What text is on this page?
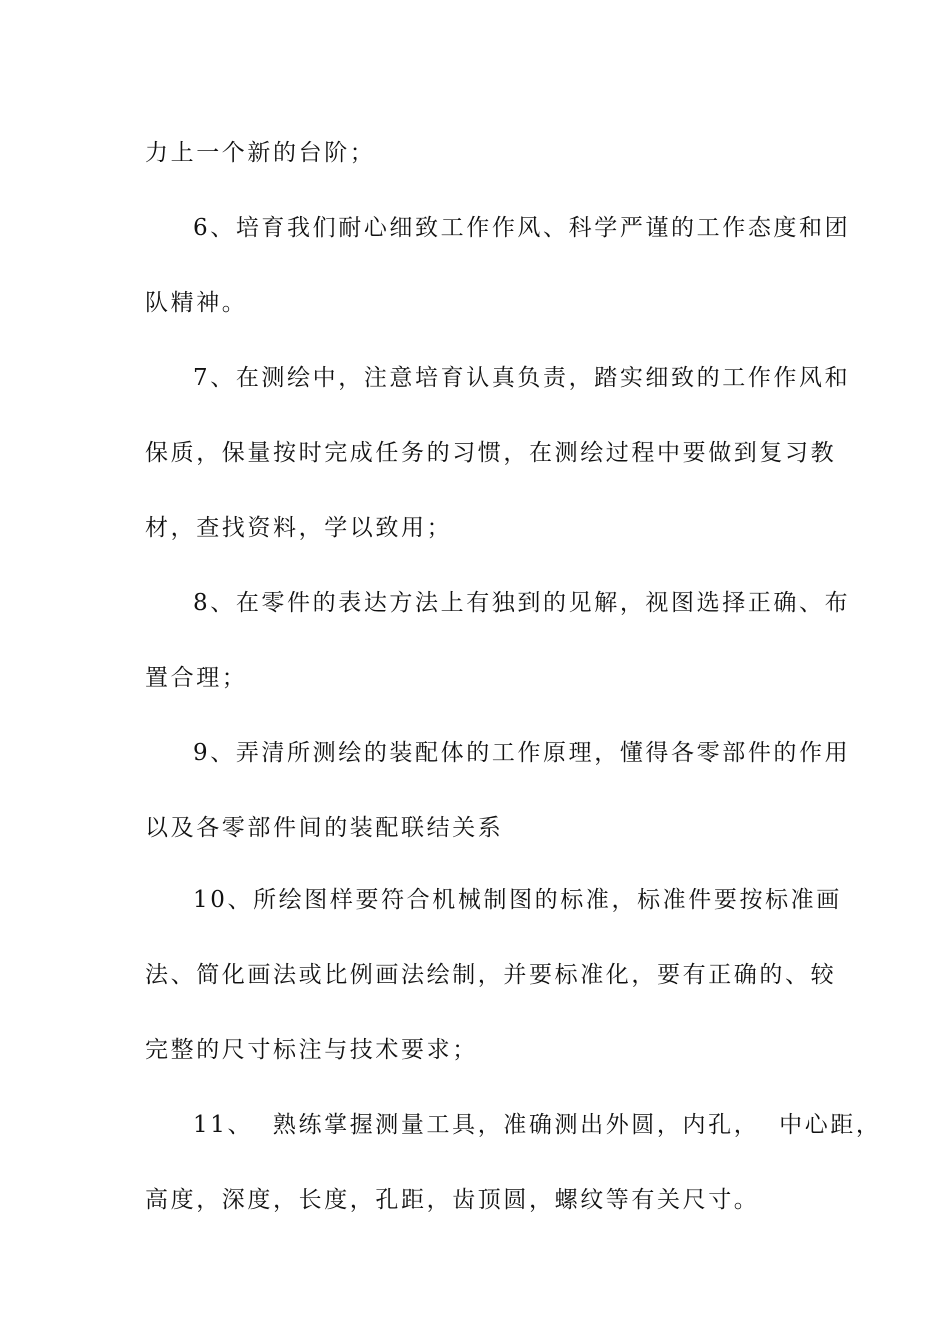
力上一个新的台阶；
6、培育我们耐心细致工作作风、科学严谨的工作态度和团
队精神。
7、在测绘中，注意培育认真负责，踏实细致的工作作风和
保质，保量按时完成任务的习惯，在测绘过程中要做到复习教
材，查找资料，学以致用；
8、在零件的表达方法上有独到的见解，视图选择正确、布
置合理；
9、弄清所测绘的装配体的工作原理，懂得各零部件的作用
以及各零部件间的装配联结关系
10、所绘图样要符合机械制图的标准，标准件要按标准画
法、简化画法或比例画法绘制，并要标准化，要有正确的、较
完整的尺寸标注与技术要求；
11、  熟练掌握测量工具，准确测出外圆，内孔，  中心距，
高度，深度，长度，孔距，齿顶圆，螺纹等有关尺寸。
